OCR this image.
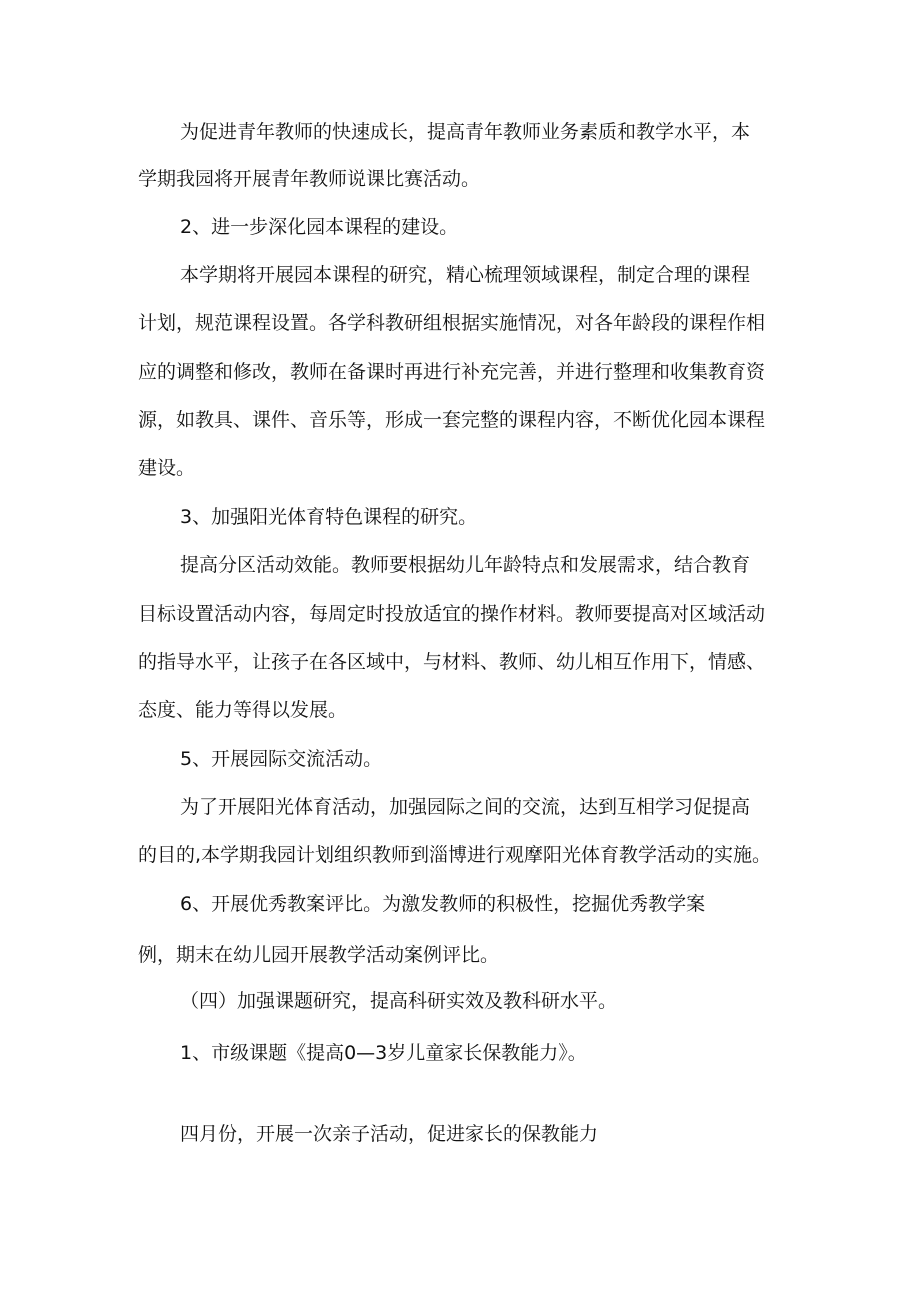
为促进青年教师的快速成长，提高青年教师业务素质和教学水平，本
学期我园将开展青年教师说课比赛活动。
2、进一步深化园本课程的建设。
本学期将开展园本课程的研究，精心梳理领域课程，制定合理的课程
计划，规范课程设置。各学科教研组根据实施情况，对各年龄段的课程作相
应的调整和修改，教师在备课时再进行补充完善，并进行整理和收集教育资
源，如教具、课件、音乐等，形成一套完整的课程内容，不断优化园本课程
建设。
3、加强阳光体育特色课程的研究。
提高分区活动效能。教师要根据幼儿年龄特点和发展需求，结合教育
目标设置活动内容，每周定时投放适宜的操作材料。教师要提高对区域活动
的指导水平，让孩子在各区域中，与材料、教师、幼儿相互作用下，情感、
态度、能力等得以发展。
5、开展园际交流活动。
为了开展阳光体育活动，加强园际之间的交流，达到互相学习促提高
的目的,本学期我园计划组织教师到淄博进行观摩阳光体育教学活动的实施。
6、开展优秀教案评比。为激发教师的积极性，挖掘优秀教学案
例，期末在幼儿园开展教学活动案例评比。
（四）加强课题研究，提高科研实效及教科研水平。
1、市级课题《提高0—3岁儿童家长保教能力》。
四月份，开展一次亲子活动，促进家长的保教能力
